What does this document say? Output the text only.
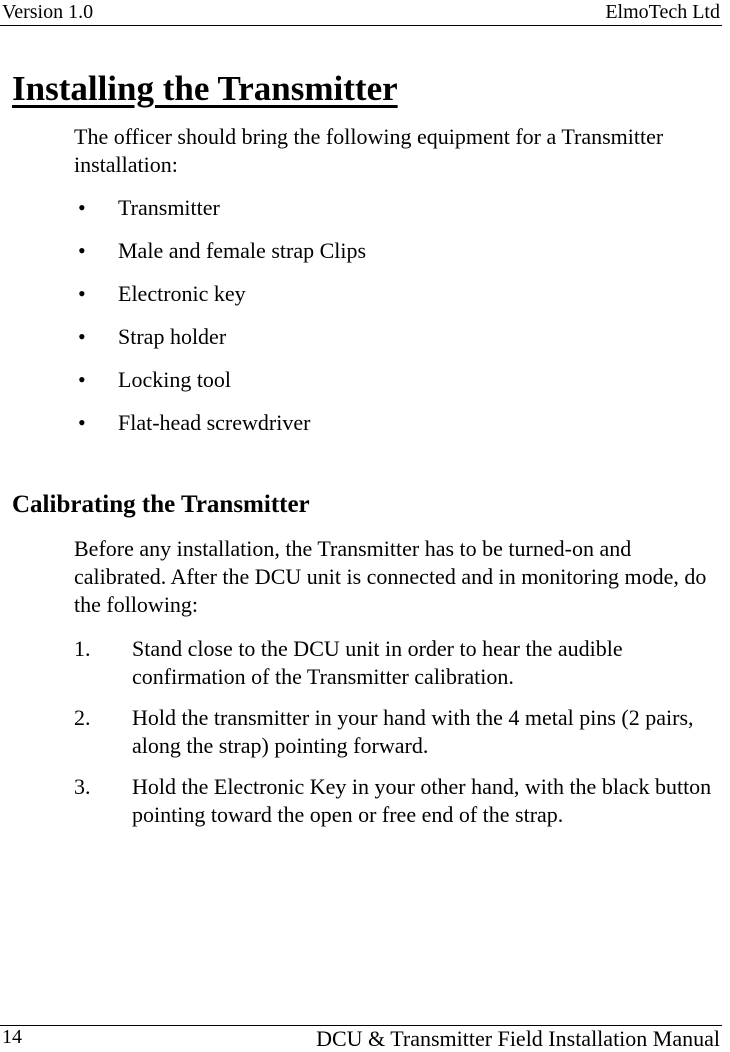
Version 1.0	ElmoTech Ltd
Installing the Transmitter

The officer should bring the following equipment for a Transmitter installation:

• Transmitter
• Male and female strap Clips
• Electronic key
• Strap holder
• Locking tool
• Flat-head screwdriver
Calibrating the Transmitter

Before any installation, the Transmitter has to be turned-on and calibrated. After the DCU unit is connected and in monitoring mode, do the following:

1. Stand close to the DCU unit in order to hear the audible confirmation of the Transmitter calibration.
2. Hold the transmitter in your hand with the 4 metal pins (2 pairs, along the strap) pointing forward.
3. Hold the Electronic Key in your other hand, with the black button pointing toward the open or free end of the strap.
14	DCU & Transmitter Field Installation Manual
